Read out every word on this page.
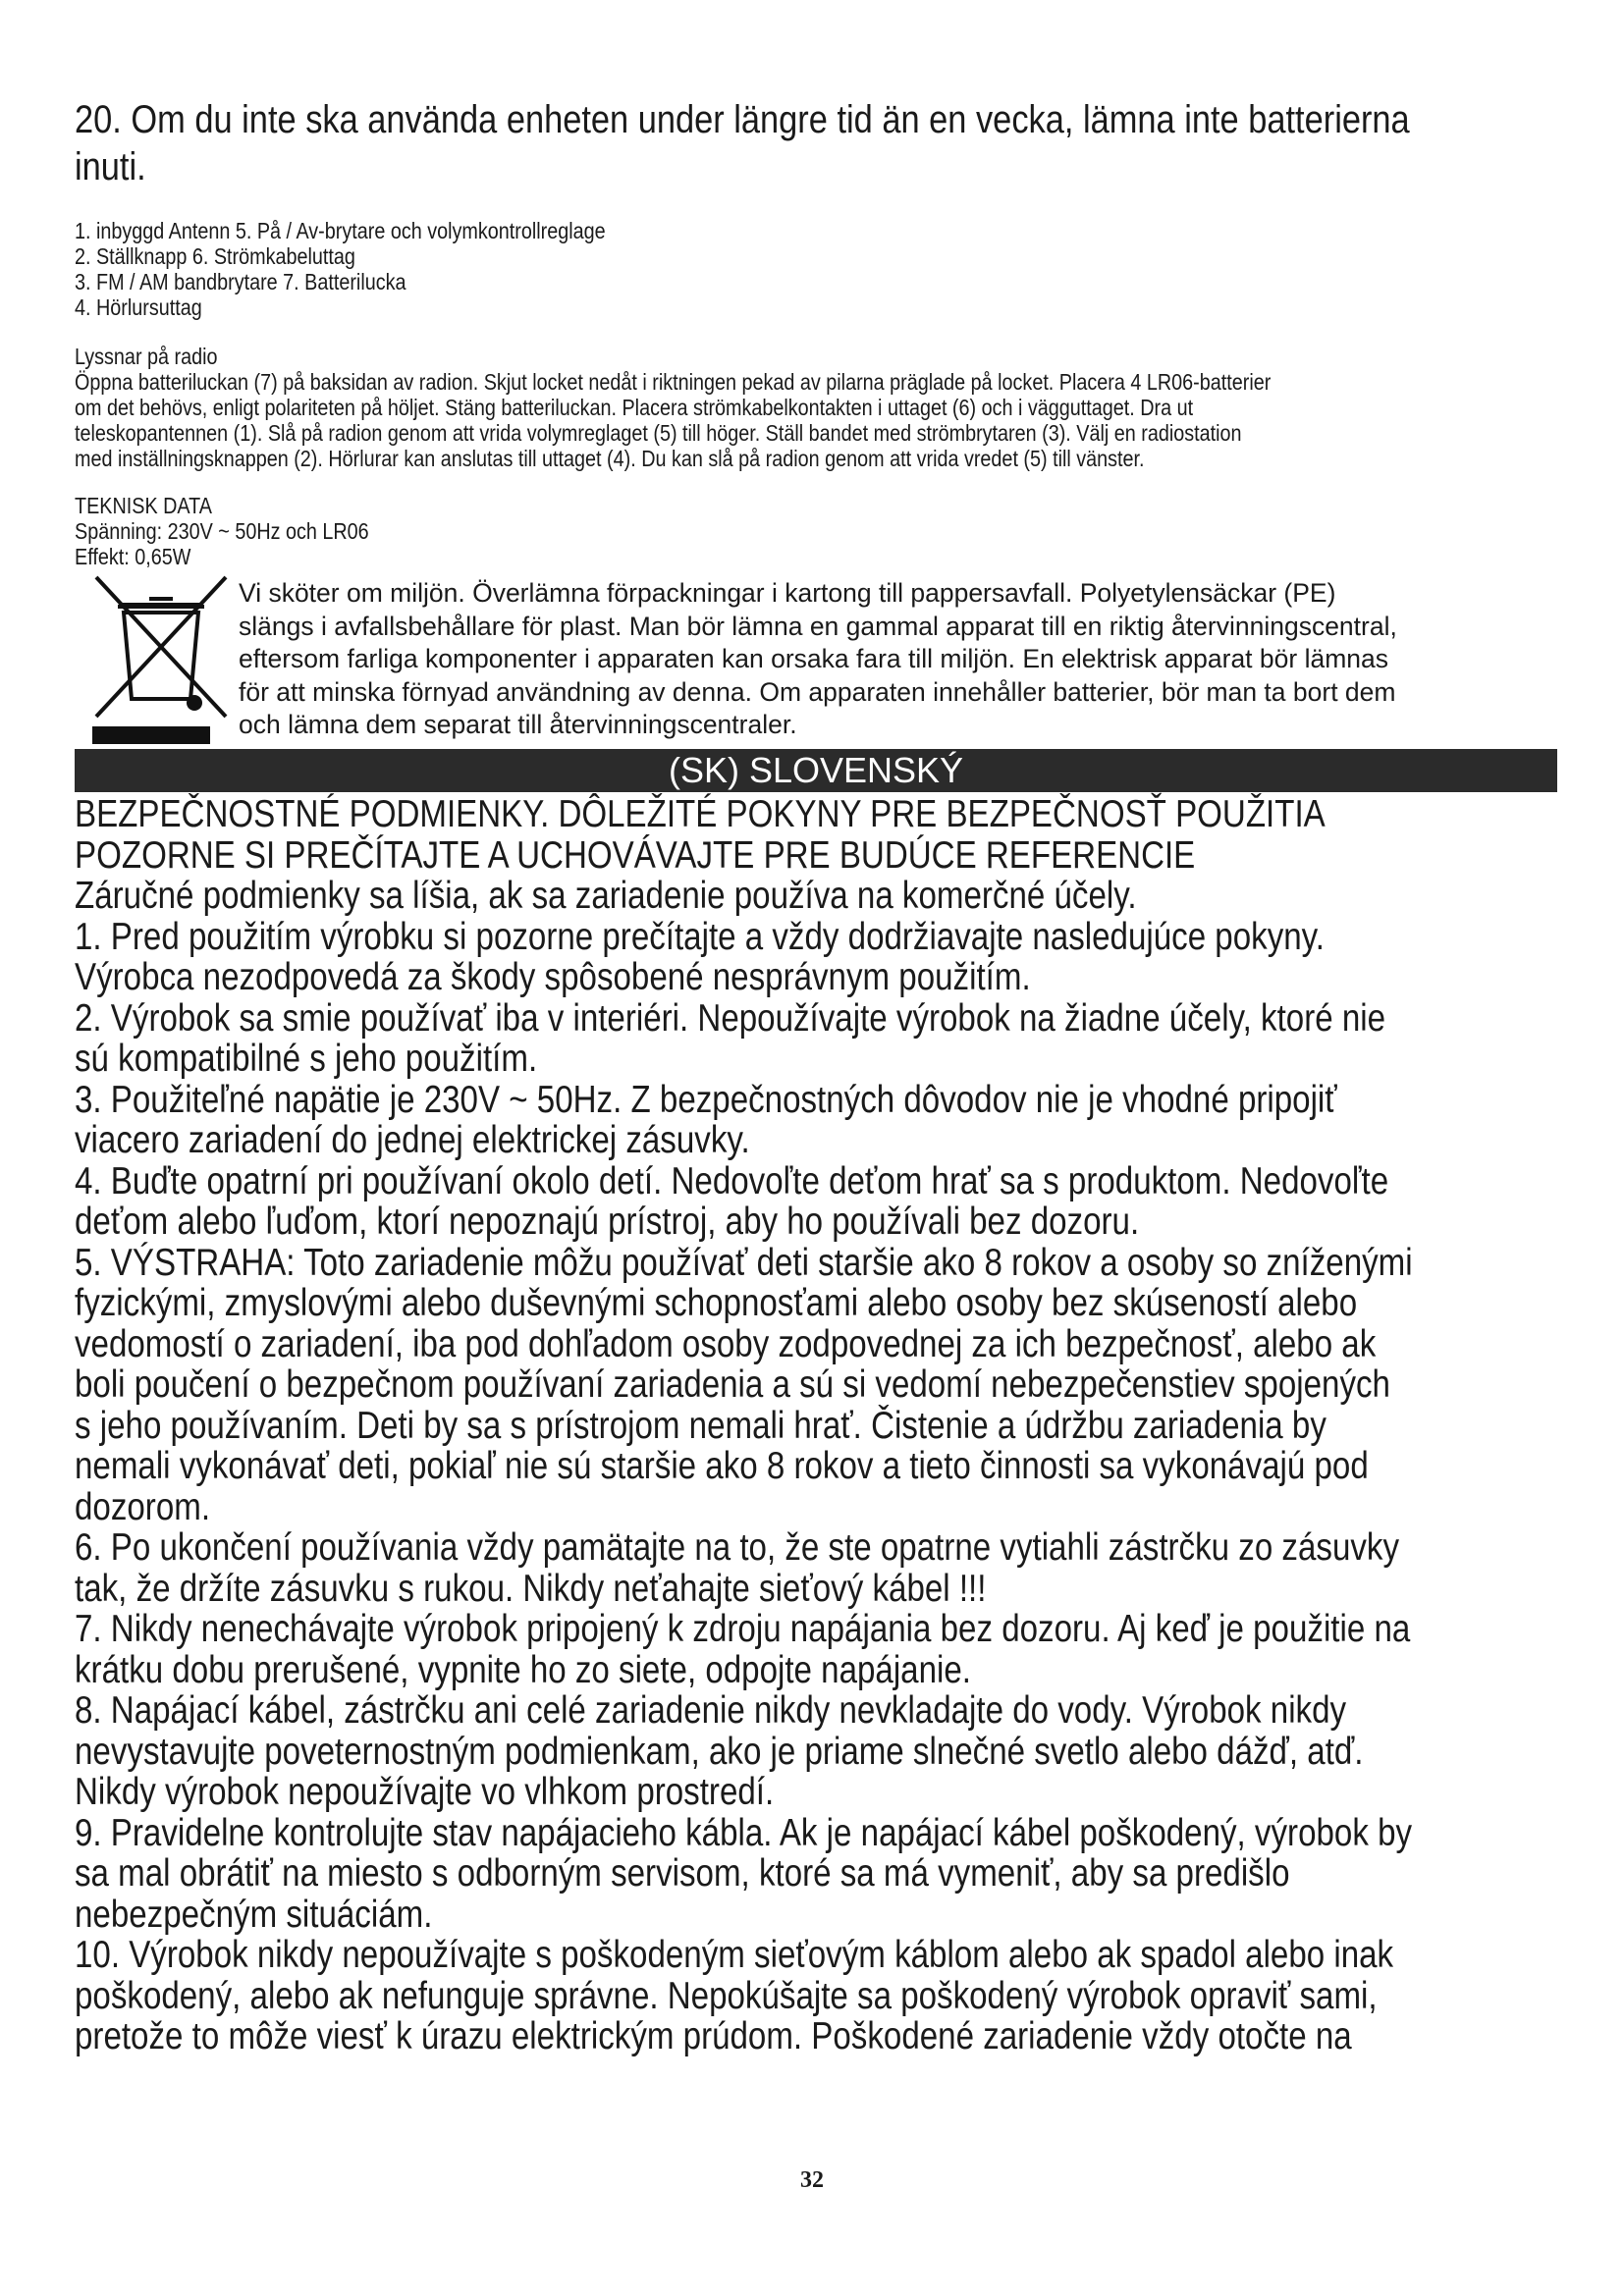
20. Om du inte ska använda enheten under längre tid än en vecka, lämna inte batterierna

inuti.

1. inbyggd Antenn 5. På / Av-brytare och volymkontrollreglage

2. Ställknapp 6. Strömkabeluttag

3. FM / AM bandbrytare 7. Batterilucka

4. Hörlursuttag

Lyssnar på radio

Öppna batteriluckan (7) på baksidan av radion. Skjut locket nedåt i riktningen pekad av pilarna präglade på locket. Placera 4 LR06-batterier

om det behövs, enligt polariteten på höljet. Stäng batteriluckan. Placera strömkabelkontakten i uttaget (6) och i vägguttaget. Dra ut

teleskopantennen (1). Slå på radion genom att vrida volymreglaget (5) till höger. Ställ bandet med strömbrytaren (3). Välj en radiostation

med inställningsknappen (2). Hörlurar kan anslutas till uttaget (4). Du kan slå på radion genom att vrida vredet (5) till vänster.

TEKNISK DATA

Spänning: 230V ~ 50Hz och LR06

Effekt: 0,65W

Vi sköter om miljön. Överlämna förpackningar i kartong till pappersavfall. Polyetylensäckar (PE)
slängs i avfallsbehållare för plast. Man bör lämna en gammal apparat till en riktig återvinningscentral,
eftersom farliga komponenter i apparaten kan orsaka fara till miljön. En elektrisk apparat bör lämnas
för att minska förnyad användning av denna. Om apparaten innehåller batterier, bör man ta bort dem
och lämna dem separat till återvinningscentraler.
(SK) SLOVENSKÝ

BEZPEČNOSTNÉ PODMIENKY. DÔLEŽITÉ POKYNY PRE BEZPEČNOSŤ POUŽITIA

POZORNE SI PREČÍTAJTE A UCHOVÁVAJTE PRE BUDÚCE REFERENCIE

Záručné podmienky sa líšia, ak sa zariadenie používa na komerčné účely.

1. Pred použitím výrobku si pozorne prečítajte a vždy dodržiavajte nasledujúce pokyny.

Výrobca nezodpovedá za škody spôsobené nesprávnym použitím.

2. Výrobok sa smie používať iba v interiéri. Nepoužívajte výrobok na žiadne účely, ktoré nie

sú kompatibilné s jeho použitím.

3. Použiteľné napätie je 230V ~ 50Hz. Z bezpečnostných dôvodov nie je vhodné pripojiť

viacero zariadení do jednej elektrickej zásuvky.

4. Buďte opatrní pri používaní okolo detí. Nedovoľte deťom hrať sa s produktom. Nedovoľte

deťom alebo ľuďom, ktorí nepoznajú prístroj, aby ho používali bez dozoru.

5. VÝSTRAHA: Toto zariadenie môžu používať deti staršie ako 8 rokov a osoby so zníženými

fyzickými, zmyslovými alebo duševnými schopnosťami alebo osoby bez skúseností alebo

vedomostí o zariadení, iba pod dohľadom osoby zodpovednej za ich bezpečnosť, alebo ak

boli poučení o bezpečnom používaní zariadenia a sú si vedomí nebezpečenstiev spojených

s jeho používaním. Deti by sa s prístrojom nemali hrať. Čistenie a údržbu zariadenia by

nemali vykonávať deti, pokiaľ nie sú staršie ako 8 rokov a tieto činnosti sa vykonávajú pod

dozorom.

6. Po ukončení používania vždy pamätajte na to, že ste opatrne vytiahli zástrčku zo zásuvky

tak, že držíte zásuvku s rukou. Nikdy neťahajte sieťový kábel !!!

7. Nikdy nenechávajte výrobok pripojený k zdroju napájania bez dozoru. Aj keď je použitie na

krátku dobu prerušené, vypnite ho zo siete, odpojte napájanie.

8. Napájací kábel, zástrčku ani celé zariadenie nikdy nevkladajte do vody. Výrobok nikdy

nevystavujte poveternostným podmienkam, ako je priame slnečné svetlo alebo dážď, atď.

Nikdy výrobok nepoužívajte vo vlhkom prostredí.

9. Pravidelne kontrolujte stav napájacieho kábla. Ak je napájací kábel poškodený, výrobok by

sa mal obrátiť na miesto s odborným servisom, ktoré sa má vymeniť, aby sa predišlo

nebezpečným situáciám.

10. Výrobok nikdy nepoužívajte s poškodeným sieťovým káblom alebo ak spadol alebo inak

poškodený, alebo ak nefunguje správne. Nepokúšajte sa poškodený výrobok opraviť sami,

pretože to môže viesť k úrazu elektrickým prúdom. Poškodené zariadenie vždy otočte na

32
